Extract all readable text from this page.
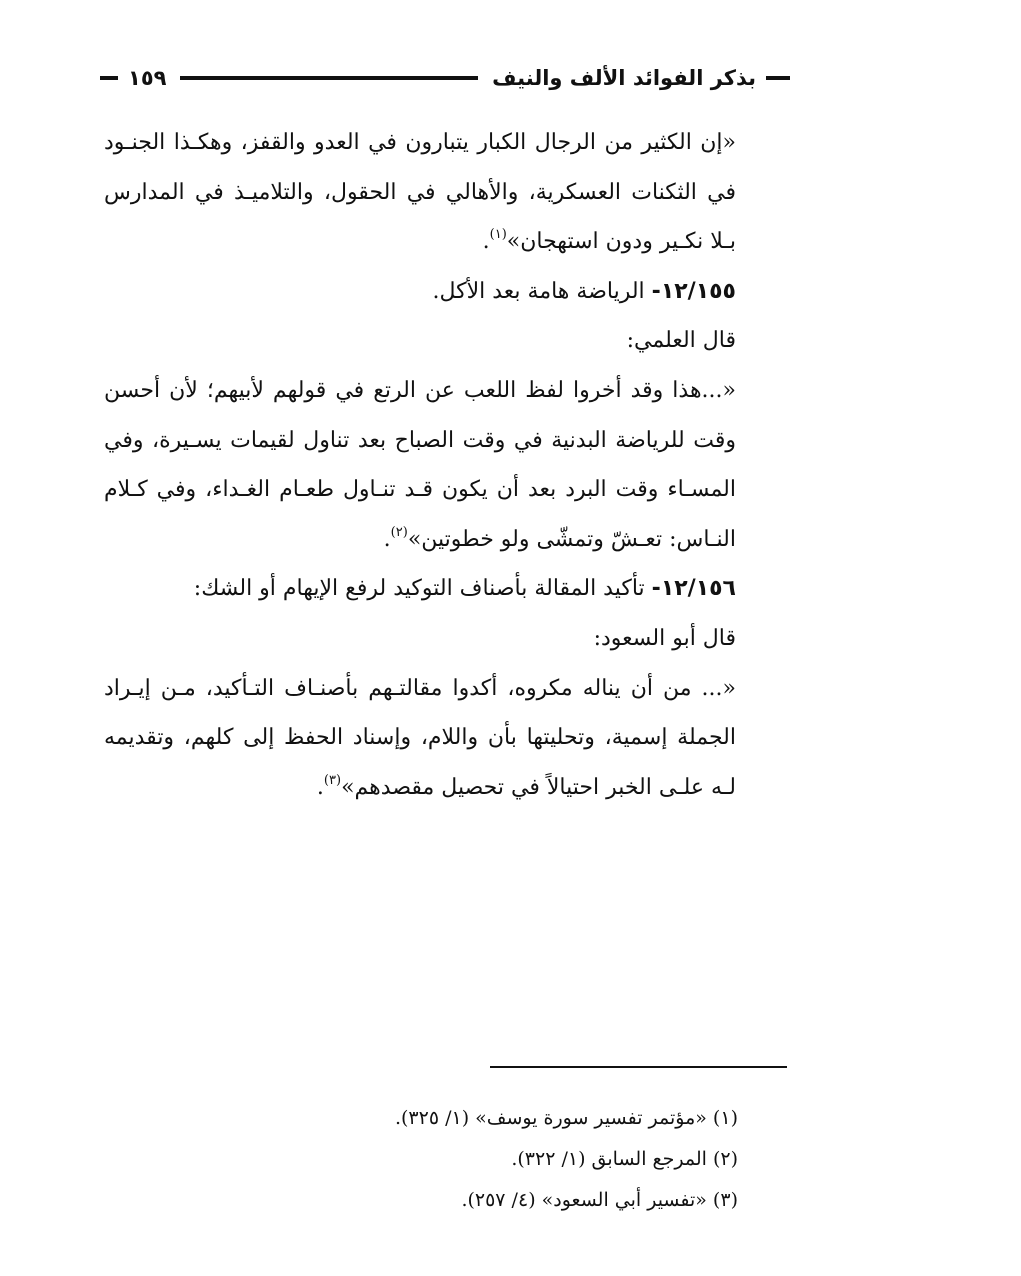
بذكر الفوائد الألف والنيف
١٥٩

«إن الكثير من الرجال الكبار يتبارون في العدو والقفز، وهكـذا الجنـود في الثكنات العسكرية، والأهالي في الحقول، والتلاميـذ في المدارس بـلا نكـير ودون استهجان»$^{(١)}$.

١٢/١٥٥- الرياضة هامة بعد الأكل.

قال العلمي:

«...هذا وقد أخروا لفظ اللعب عن الرتع في قولهم لأبيهم؛ لأن أحسن وقت للرياضة البدنية في وقت الصباح بعد تناول لقيمات يسـيرة، وفي المسـاء وقت البرد بعد أن يكون قـد تنـاول طعـام الغـداء، وفي كـلام النـاس: تعـشّ وتمشّى ولو خطوتين»$^{(٢)}$.

١٢/١٥٦- تأكيد المقالة بأصناف التوكيد لرفع الإيهام أو الشك:

قال أبو السعود:

«... من أن يناله مكروه، أكدوا مقالتـهم بأصنـاف التـأكيد، مـن إيـراد الجملة إسمية، وتحليتها بأن واللام، وإسناد الحفظ إلى كلهم، وتقديمه لـه علـى الخبر احتيالاً في تحصيل مقصدهم»$^{(٣)}$.

(١) «مؤتمر تفسير سورة يوسف» (١/ ٣٢٥).

(٢) المرجع السابق (١/ ٣٢٢).

(٣) «تفسير أبي السعود» (٤/ ٢٥٧).
